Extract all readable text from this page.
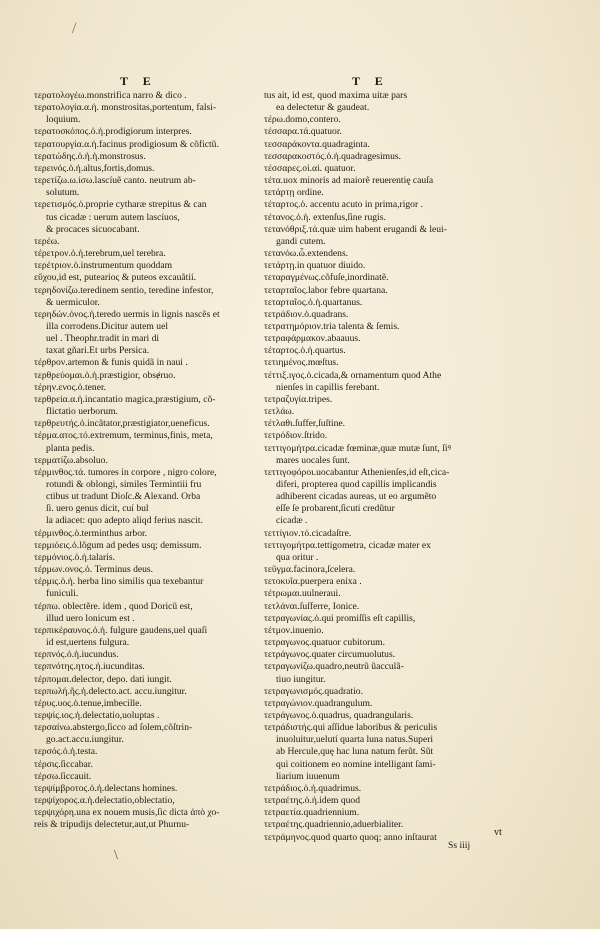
/
T E	T E
τερατολογέω.monstrifica narro & dico .
★ τερατολογία.α.ἡ. monstrositas,portentum, falsi-
loquium.
τερατοσκόπος.ὁ.ἡ.prodigiorum interpres.
★ τερατουργία.α.ἡ.facinus prodigiosum & cõfictũ.
τερατώδης.ὁ.ἡ.ἡ.monstrosus.
τερεινός.ὁ.ἡ.altus,fortis,domus.
τερετίζω.ω.ίσω.lascíuẽ canto. neutrum ab-
solutum.
★ τερετισμός.ὁ.proprie cytharæ strepitus & can
tus cicadæ : uerum autem lascíuos,
& procaces sicuocabant.
★ τερέω.
τέρετρον.ὁ.ἡ.terebrum,uel terebra.
τερέτριον.ὁ.instrumentum quoddam
★ εὔχου,id est, puteariος & puteos excauãtií.
τερηδονίζω.teredinem sentio, teredine infestor,
& uermiculor.
τερηδών.όνος.ἡ.teredo uermis in lignis nascẽs et
illa corrodens.Dicitur autem uel
uel . Theophr.tradit in mari di
taxat gñari.Et urbs Persica.
τέρθρον.artemon & funis quidã in naui .
τερθρεύομαι.ὁ.ἡ.præstigior, obsɇruo.
τέρην.ενος.ὁ.tener.
τερθρεία.α.ἡ.incantatio magica,præstigium, cõ-
flictatio uerborum.
τερθρευτής.ὁ.incãtator,præstigiator,ueneficus.
τέρμα.ατος.τό.extremum, terminus,finis, meta,
planta pedis.
τερματίζω.absoluo.
τέρμινθος.τά. tumores in corpore , nigro colore,
rotundi & oblongi, similes Termintiii fru
ctibus ut tradunt Dioſc.& Alexand. Orba
ſi. uero genus dicit, cuí bul
la adiacet: quo adepto aliqd ferius nascit.
τέρμινθος.ὁ.terminthus arbor.
τερμιόεις.ὁ.lõgum ad pedes usq; demissum.
τερμόνιος.ὁ.ἡ.talaris.
τέρμων.ονος.ὁ. Terminus deus.
★ τέρμις.ὁ.ἡ. herba lino similis qua texebantur
funiculi.
τέρπω. oblectẽre. idem , quod Doricũ est,
illud uero lonicum est .
τερπικέραυνος.ὁ.ἡ. fulgure gaudens,uel quaſi
id est,uertens fulgura.
τερπνός.ὁ.ἡ.iucundus.
τερπνότης.ητος.ἡ.iucunditas.
τέρπομαι.delector, depo. dati iungit.
τερπωλή.ῆς.ἡ.delecto.act. accu.iungitur.
τέρυς.υος.ὁ.tenue,imbecille.
τερψίς.ιος.ἡ.delectatio,uoluptas .
τερσαίνω.abstergo,ſicco ad ſolem,cõſtrin-
go.act.accu.iungitur.
τερσός.ὁ.ἡ.testa.
τέρσις.ſiccabar.
τέρσω.ſiccauit.
τερψίμβροτος.ὁ.ἡ.delectans homines.
τερψίχορος.α.ἡ.delectatio,oblectatio,
τερψιχόρη.una ex nouem musis,ſic dicta ἀπὸ χο-
★ reis & tripudijs delectetur,aut,ut Phurnu-
tus ait, id est, quod maxima uitæ pars
ea delectetur & gaudeat.
τέρω.domo,contero.
τέσσαρα.τά.quatuor.
τεσσαράκοντα.quadraginta.
τεσσαρακοστός.ὁ.ἡ.quadragesimus.
τέσσαρες.οἱ.αἱ. quatuor.
τέτα.uox minoris ad maiorẽ reuerentię cauſa
★ τετάρτῃ ordine.
τέταρτος.ὁ. accentu acuto in prima,rigor .
τέτανος.ὁ.ἡ. extenſus,ſine rugis.
τετανόθριξ.τά.quæ uim habent erugandi & leui-
gandi cutem.
τετανόω.ὦ.extendens.
τετάρτῃ.in quatuor diuido.
τεταραγμένως.cõfuſe,inordinatẽ.
τεταρταῖος.labor febre quartana.
τεταρταῖος.ὁ.ἡ.quartanus.
τετράδιον.ὁ.quadrans.
τετρατημόριον.tria talenta & ſemis.
τετραφάρμακον.abaauus.
τέταρτος.ὁ.ἡ.quartus.
τετιημένος.mœſtus.
τέττιξ.ιγος.ὁ.cicada,& ornamentum quod Athe
nienſes in capillis ferebant.
τετραζυγία.tripes.
τετλάω.
τέτλαθι.ſuffer,ſuſtine.
τετρόδιον.ſtrido.
★ τεττιγομήτρα.cicadæ fœminæ,quæ mutæ ſunt, ſiꝰ
mares uocales ſunt.
★ τεττιγοφόροι.uocabantur Athenienſes,id eſt,cica-
diferi, propterea quod capillis implicandis
adhiberent cicadas aureas, ut eo argumẽto
eſſe ſe probarent,ſicuti credũtur
cicadæ .
τεττίγιον.τό.cicadaſtre.
τεττιγομήτρα.tettigometra, cicadæ mater ex
qua oritur .
★ τεῦγμα.facinora,ſcelera.
★ τετοκυῖα.puerpera enixa .
τέτρωμαι.uulneraui.
τετλάναι.ſuſferre, Ionice.
τετραγωνίας.ὁ.qui promiſſis eſt capillis,
τέτμον.inuenio.
τετραγωνος.quatuor cubitorum.
τετράγωνος.quater circumuolutus.
τετραγωνίζω.quadro,neutrũ ũacculã-
tiuo iungitur.
τετραγωνισμός.quadratio.
★ τετραγώνιον.quadrangulum.
τετράγωνος.ὁ.quadrus, quadrangularis.
τετράδιστής.qui aſſidue laboribus & periculis
★ inuoluitur,uelutí quarta luna natus.Superi
ab Hercule,quę hac luna natum ferũt. Sũt
qui coitionem eo nomine intelligant ſami-
liarium iuuenum
τετράδιος.ὁ.ἡ.quadrimus.
τετραέτης.ὁ.ἡ.idem quod
★ τετραετία.quadriennium.
τετραέτης.quadriennio,aduerbialiter.
★ τετράμηνος.quod quarto quoq; anno inſtaurat
Ss iiij
vt
\
